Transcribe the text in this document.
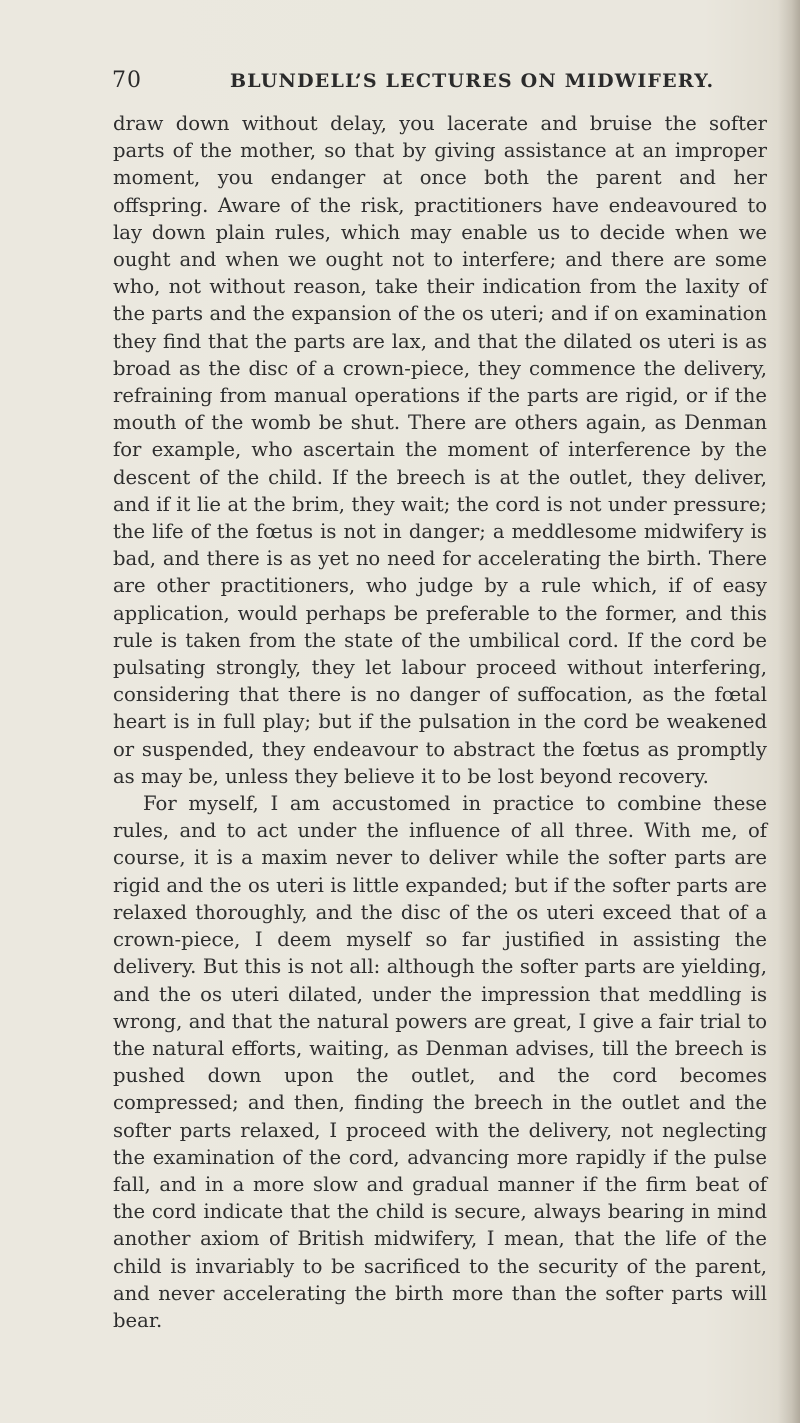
70	BLUNDELL’S LECTURES ON MIDWIFERY.

draw down without delay, you lacerate and bruise the softer parts of the mother, so that by giving assistance at an improper moment, you endanger at once both the parent and her offspring. Aware of the risk, practitioners have endeavoured to lay down plain rules, which may enable us to decide when we ought and when we ought not to interfere; and there are some who, not without reason, take their indication from the laxity of the parts and the expansion of the os uteri; and if on examination they find that the parts are lax, and that the dilated os uteri is as broad as the disc of a crown-piece, they commence the delivery, refraining from manual operations if the parts are rigid, or if the mouth of the womb be shut. There are others again, as Denman for example, who ascertain the moment of interference by the descent of the child. If the breech is at the outlet, they deliver, and if it lie at the brim, they wait; the cord is not under pressure; the life of the fœtus is not in danger; a meddlesome midwifery is bad, and there is as yet no need for accelerating the birth. There are other practitioners, who judge by a rule which, if of easy application, would perhaps be preferable to the former, and this rule is taken from the state of the umbilical cord. If the cord be pulsating strongly, they let labour proceed without interfering, considering that there is no danger of suffocation, as the fœtal heart is in full play; but if the pulsation in the cord be weakened or suspended, they endeavour to abstract the fœtus as promptly as may be, unless they believe it to be lost beyond recovery.

For myself, I am accustomed in practice to combine these rules, and to act under the influence of all three. With me, of course, it is a maxim never to deliver while the softer parts are rigid and the os uteri is little expanded; but if the softer parts are relaxed thoroughly, and the disc of the os uteri exceed that of a crown-piece, I deem myself so far justified in assisting the delivery. But this is not all: although the softer parts are yielding, and the os uteri dilated, under the impression that meddling is wrong, and that the natural powers are great, I give a fair trial to the natural efforts, waiting, as Denman advises, till the breech is pushed down upon the outlet, and the cord becomes compressed; and then, finding the breech in the outlet and the softer parts relaxed, I proceed with the delivery, not neglecting the examination of the cord, advancing more rapidly if the pulse fall, and in a more slow and gradual manner if the firm beat of the cord indicate that the child is secure, always bearing in mind another axiom of British midwifery, I mean, that the life of the child is invariably to be sacrificed to the security of the parent, and never accelerating the birth more than the softer parts will bear.
